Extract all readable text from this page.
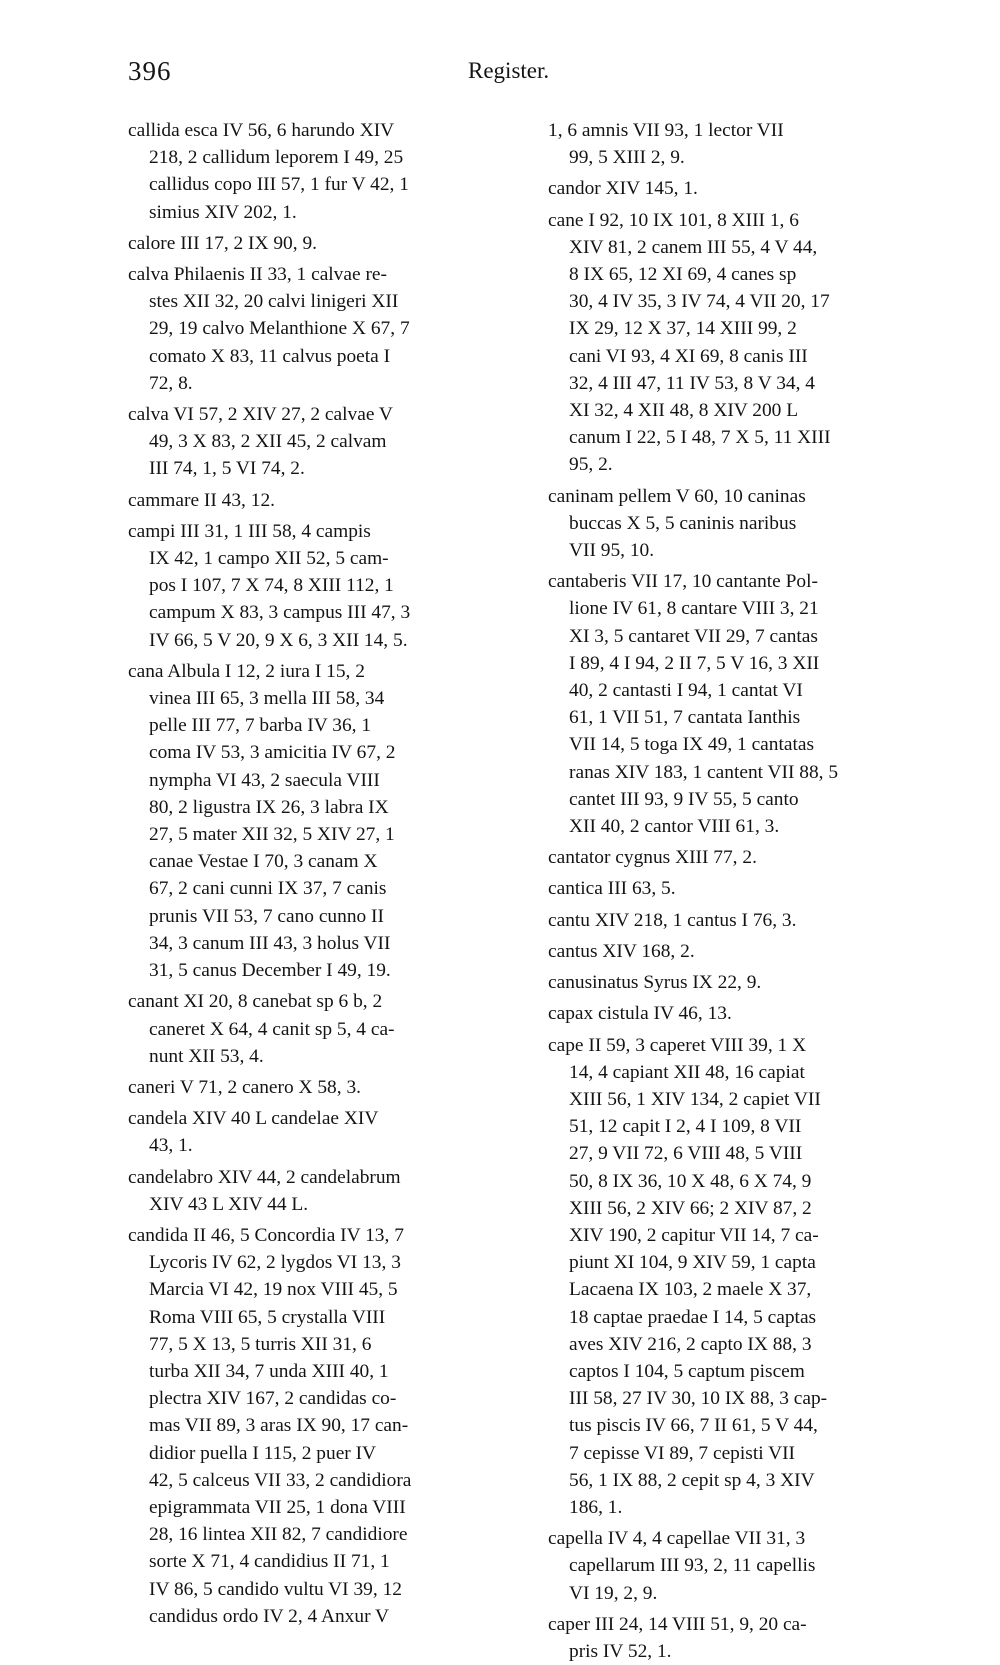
396	Register.
callida esca IV 56, 6 harundo XIV
218, 2 callidum leporem I 49, 25
callidus copo III 57, 1 fur V 42, 1
simius XIV 202, 1.
calore III 17, 2 IX 90, 9.
calva Philaenis II 33, 1 calvae re-
stes XII 32, 20 calvi linigeri XII
29, 19 calvo Melanthione X 67, 7
comato X 83, 11 calvus poeta I
72, 8.
calva VI 57, 2 XIV 27, 2 calvae V
49, 3 X 83, 2 XII 45, 2 calvam
III 74, 1, 5 VI 74, 2.
cammare II 43, 12.
campi III 31, 1 III 58, 4 campis
IX 42, 1 campo XII 52, 5 cam-
pos I 107, 7 X 74, 8 XIII 112, 1
campum X 83, 3 campus III 47, 3
IV 66, 5 V 20, 9 X 6, 3 XII 14, 5.
cana Albula I 12, 2 iura I 15, 2
vinea III 65, 3 mella III 58, 34
pelle III 77, 7 barba IV 36, 1
coma IV 53, 3 amicitia IV 67, 2
nympha VI 43, 2 saecula VIII
80, 2 ligustra IX 26, 3 labra IX
27, 5 mater XII 32, 5 XIV 27, 1
canae Vestae I 70, 3 canam X
67, 2 cani cunni IX 37, 7 canis
prunis VII 53, 7 cano cunno II
34, 3 canum III 43, 3 holus VII
31, 5 canus December I 49, 19.
canant XI 20, 8 canebat sp 6 b, 2
caneret X 64, 4 canit sp 5, 4 ca-
nunt XII 53, 4.
caneri V 71, 2 canero X 58, 3.
candela XIV 40 L candelae XIV
43, 1.
candelabro XIV 44, 2 candelabrum
XIV 43 L XIV 44 L.
candida II 46, 5 Concordia IV 13, 7
Lycoris IV 62, 2 lygdos VI 13, 3
Marcia VI 42, 19 nox VIII 45, 5
Roma VIII 65, 5 crystalla VIII
77, 5 X 13, 5 turris XII 31, 6
turba XII 34, 7 unda XIII 40, 1
plectra XIV 167, 2 candidas co-
mas VII 89, 3 aras IX 90, 17 can-
didior puella I 115, 2 puer IV
42, 5 calceus VII 33, 2 candidiora
epigrammata VII 25, 1 dona VIII
28, 16 lintea XII 82, 7 candidiore
sorte X 71, 4 candidius II 71, 1
IV 86, 5 candido vultu VI 39, 12
candidus ordo IV 2, 4 Anxur V
1, 6 amnis VII 93, 1 lector VII
99, 5 XIII 2, 9.
candor XIV 145, 1.
cane I 92, 10 IX 101, 8 XIII 1, 6
XIV 81, 2 canem III 55, 4 V 44,
8 IX 65, 12 XI 69, 4 canes sp
30, 4 IV 35, 3 IV 74, 4 VII 20, 17
IX 29, 12 X 37, 14 XIII 99, 2
cani VI 93, 4 XI 69, 8 canis III
32, 4 III 47, 11 IV 53, 8 V 34, 4
XI 32, 4 XII 48, 8 XIV 200 L
canum I 22, 5 I 48, 7 X 5, 11 XIII
95, 2.
caninam pellem V 60, 10 caninas
buccas X 5, 5 caninis naribus
VII 95, 10.
cantaberis VII 17, 10 cantante Pol-
lione IV 61, 8 cantare VIII 3, 21
XI 3, 5 cantaret VII 29, 7 cantas
I 89, 4 I 94, 2 II 7, 5 V 16, 3 XII
40, 2 cantasti I 94, 1 cantat VI
61, 1 VII 51, 7 cantata Ianthis
VII 14, 5 toga IX 49, 1 cantatas
ranas XIV 183, 1 cantent VII 88, 5
cantet III 93, 9 IV 55, 5 canto
XII 40, 2 cantor VIII 61, 3.
cantator cygnus XIII 77, 2.
cantica III 63, 5.
cantu XIV 218, 1 cantus I 76, 3.
cantus XIV 168, 2.
canusinatus Syrus IX 22, 9.
capax cistula IV 46, 13.
cape II 59, 3 caperet VIII 39, 1 X
14, 4 capiant XII 48, 16 capiat
XIII 56, 1 XIV 134, 2 capiet VII
51, 12 capit I 2, 4 I 109, 8 VII
27, 9 VII 72, 6 VIII 48, 5 VIII
50, 8 IX 36, 10 X 48, 6 X 74, 9
XIII 56, 2 XIV 66; 2 XIV 87, 2
XIV 190, 2 capitur VII 14, 7 ca-
piunt XI 104, 9 XIV 59, 1 capta
Lacaena IX 103, 2 maele X 37,
18 captae praedae I 14, 5 captas
aves XIV 216, 2 capto IX 88, 3
captos I 104, 5 captum piscem
III 58, 27 IV 30, 10 IX 88, 3 cap-
tus piscis IV 66, 7 II 61, 5 V 44,
7 cepisse VI 89, 7 cepisti VII
56, 1 IX 88, 2 cepit sp 4, 3 XIV
186, 1.
capella IV 4, 4 capellae VII 31, 3
capellarum III 93, 2, 11 capellis
VI 19, 2, 9.
caper III 24, 14 VIII 51, 9, 20 ca-
pris IV 52, 1.
